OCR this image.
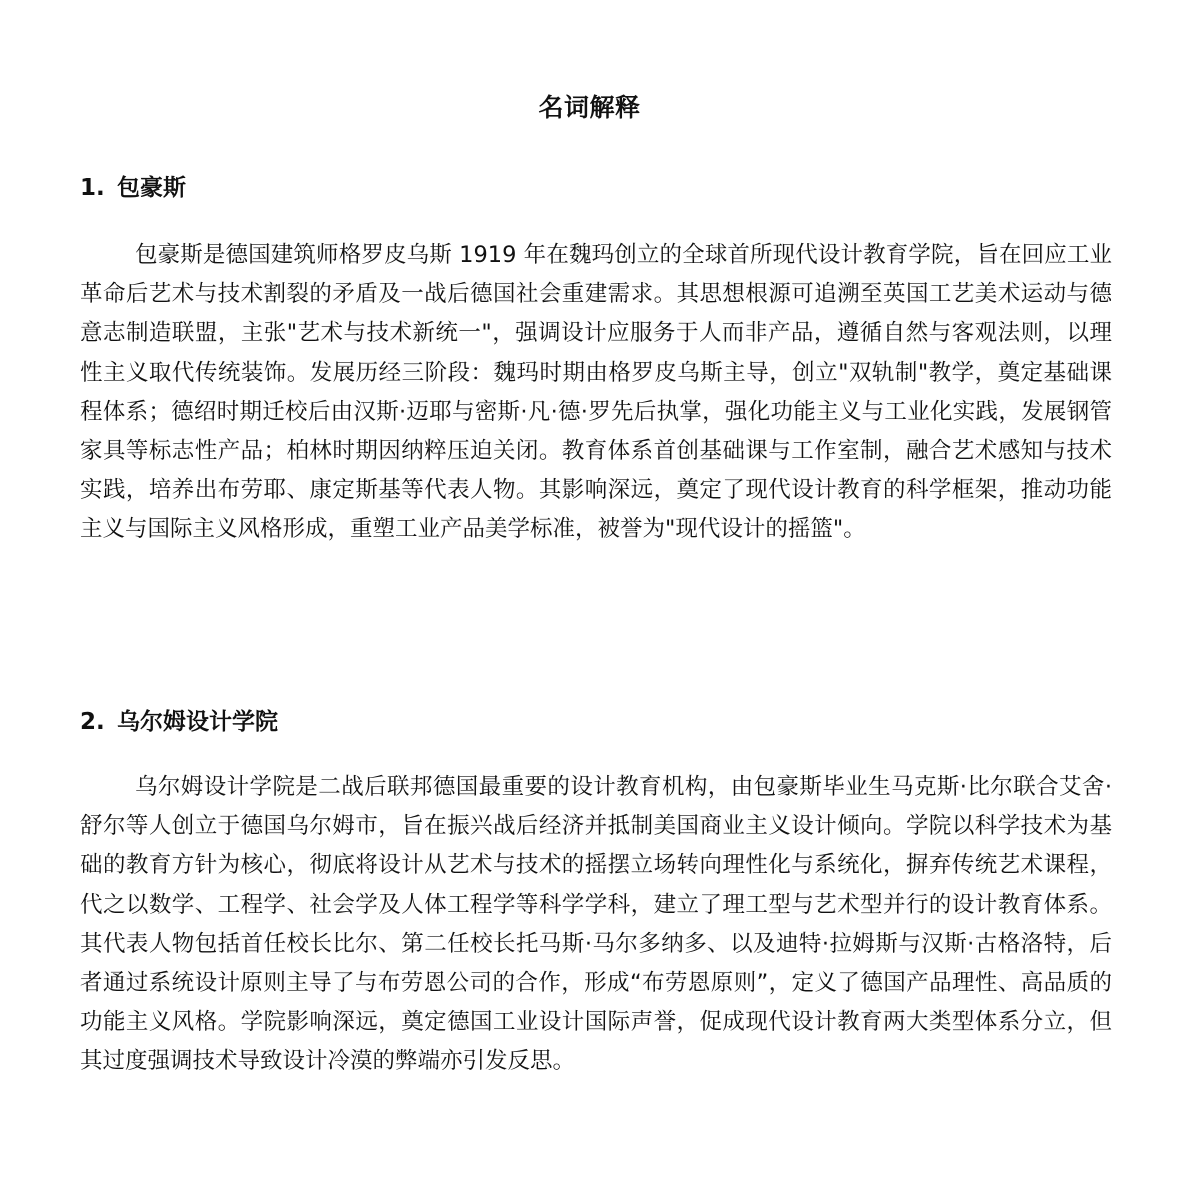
名词解释
1. 包豪斯

包豪斯是德国建筑师格罗皮乌斯 1919 年在魏玛创立的全球首所现代设计教育学院，旨在回应工业革命后艺术与技术割裂的矛盾及一战后德国社会重建需求。其思想根源可追溯至英国工艺美术运动与德意志制造联盟，主张"艺术与技术新统一"，强调设计应服务于人而非产品，遵循自然与客观法则，以理性主义取代传统装饰。发展历经三阶段：魏玛时期由格罗皮乌斯主导，创立"双轨制"教学，奠定基础课程体系；德绍时期迁校后由汉斯·迈耶与密斯·凡·德·罗先后执掌，强化功能主义与工业化实践，发展钢管家具等标志性产品；柏林时期因纳粹压迫关闭。教育体系首创基础课与工作室制，融合艺术感知与技术实践，培养出布劳耶、康定斯基等代表人物。其影响深远，奠定了现代设计教育的科学框架，推动功能主义与国际主义风格形成，重塑工业产品美学标准，被誉为"现代设计的摇篮"。

2. 乌尔姆设计学院

乌尔姆设计学院是二战后联邦德国最重要的设计教育机构，由包豪斯毕业生马克斯·比尔联合艾舍·舒尔等人创立于德国乌尔姆市，旨在振兴战后经济并抵制美国商业主义设计倾向。学院以科学技术为基础的教育方针为核心，彻底将设计从艺术与技术的摇摆立场转向理性化与系统化，摒弃传统艺术课程，代之以数学、工程学、社会学及人体工程学等科学学科，建立了理工型与艺术型并行的设计教育体系。其代表人物包括首任校长比尔、第二任校长托马斯·马尔多纳多、以及迪特·拉姆斯与汉斯·古格洛特，后者通过系统设计原则主导了与布劳恩公司的合作，形成“布劳恩原则”，定义了德国产品理性、高品质的功能主义风格。学院影响深远，奠定德国工业设计国际声誉，促成现代设计教育两大类型体系分立，但其过度强调技术导致设计冷漠的弊端亦引发反思。
